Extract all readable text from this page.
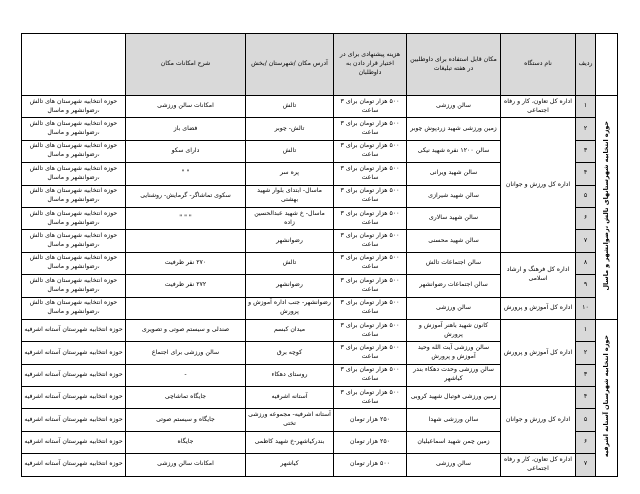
	ردیف	نام دستگاه	مکان قابل استفاده برای داوطلبین در هفته تبلیغات	هزینه پیشنهادی برای در اختیار قرار دادن به داوطلبان	آدرس مکان /شهرستان /بخش	شرح امکانات مکان	
حوزه انتخابیه شهرستانهای تالش ،رضوانشهر و ماسال	۱	اداره کل تعاون، کار و رفاه اجتماعی	سالن ورزشی	۵۰۰ هزار تومان برای ۳ ساعت	تالش	امکانات سالن ورزشی	حوزه انتخابیه شهرستان های تالش ،رضوانشهر و ماسال
	۲	اداره کل ورزش و جوانان	زمین ورزشی شهید زردپوش چوبر	۵۰۰ هزار تومان برای ۳ ساعت	تالش- چوبر	فضای باز	حوزه انتخابیه شهرستان های تالش ،رضوانشهر و ماسال
	۳		سالن ۱۲۰۰ نفره شهید نیکی	۵۰۰ هزار تومان برای ۳ ساعت	تالش	دارای سکو	حوزه انتخابیه شهرستان های تالش ،رضوانشهر و ماسال
	۴		سالن شهید ویرانی	۵۰۰ هزار تومان برای ۳ ساعت	پره سر	" "	حوزه انتخابیه شهرستان های تالش ،رضوانشهر و ماسال
	۵		سالن شهید شیرازی	۵۰۰ هزار تومان برای ۳ ساعت	ماسال- ابتدای بلوار شهید بهشتی	سکوی تماشاگر- گرمایش- روشنایی	حوزه انتخابیه شهرستان های تالش ،رضوانشهر و ماسال
	۶		سالن شهید سالاری	۵۰۰ هزار تومان برای ۳ ساعت	ماسال- خ شهید عبدالحسین زاده	" " "	حوزه انتخابیه شهرستان های تالش ،رضوانشهر و ماسال
	۷		سالن شهید محسنی	۵۰۰ هزار تومان برای ۳ ساعت	رضوانشهر		حوزه انتخابیه شهرستان های تالش ،رضوانشهر و ماسال
	۸	اداره کل فرهنگ و ارشاد اسلامی	سالن اجتماعات تالش	۵۰۰ هزار تومان برای ۳ ساعت	تالش	۲۷۰ نفر ظرفیت	حوزه انتخابیه شهرستان های تالش ،رضوانشهر و ماسال
	۹		سالن اجتماعات رضوانشهر	۵۰۰ هزار تومان برای ۳ ساعت	رضوانشهر	۲۷۲ نفر ظرفیت	حوزه انتخابیه شهرستان های تالش ،رضوانشهر و ماسال
	۱۰	اداره کل آموزش و پرورش	سالن ورزشی	۵۰۰ هزار تومان برای ۳ ساعت	رضوانشهر- جنب اداره آموزش و پرورش		حوزه انتخابیه شهرستان های تالش ،رضوانشهر و ماسال
حوزه انتخابیه شهرستان آستانه اشرفیه	۱	اداره کل آموزش و پرورش	کانون شهید باهنر آموزش و پرورش	۵۰۰ هزار تومان برای ۳ ساعت	میدان کبسم	صندلی و سیستم صوتی و تصویری	حوزه انتخابیه شهرستان آستانه اشرفیه
	۲		سالن ورزشی آیت الله وحید آموزش و پرورش	۵۰۰ هزار تومان برای ۳ ساعت	کوچه برق	سالن ورزشی برای اجتماع	حوزه انتخابیه شهرستان آستانه اشرفیه
	۳		سالن ورزشی وحدت دهکاء بندر کیاشهر	۵۰۰ هزار تومان برای ۳ ساعت	روستای دهکاء	-	حوزه انتخابیه شهرستان آستانه اشرفیه
	۴	اداره کل ورزش و جوانان	زمین ورزشی فوتبال شهید کروبی	۵۰۰ هزار تومان برای ۳ ساعت	آستانه اشرفیه	جایگاه تماشاچی	حوزه انتخابیه شهرستان آستانه اشرفیه
	۵		سالن ورزشی شهدا	۲۵۰ هزار تومان	آستانه اشرفیه- مجموعه ورزشی تختی	جایگاه و سیستم صوتی	حوزه انتخابیه شهرستان آستانه اشرفیه
	۶		زمین چمن شهید اسماعیلیان	۲۵۰ هزار تومان	بندرکیاشهر-خ شهید کاظمی	جایگاه	حوزه انتخابیه شهرستان آستانه اشرفیه
	۷	اداره کل تعاون، کار و رفاه اجتماعی	سالن ورزشی	۵۰۰ هزار تومان	کیاشهر	امکانات سالن ورزشی	حوزه انتخابیه شهرستان آستانه اشرفیه
